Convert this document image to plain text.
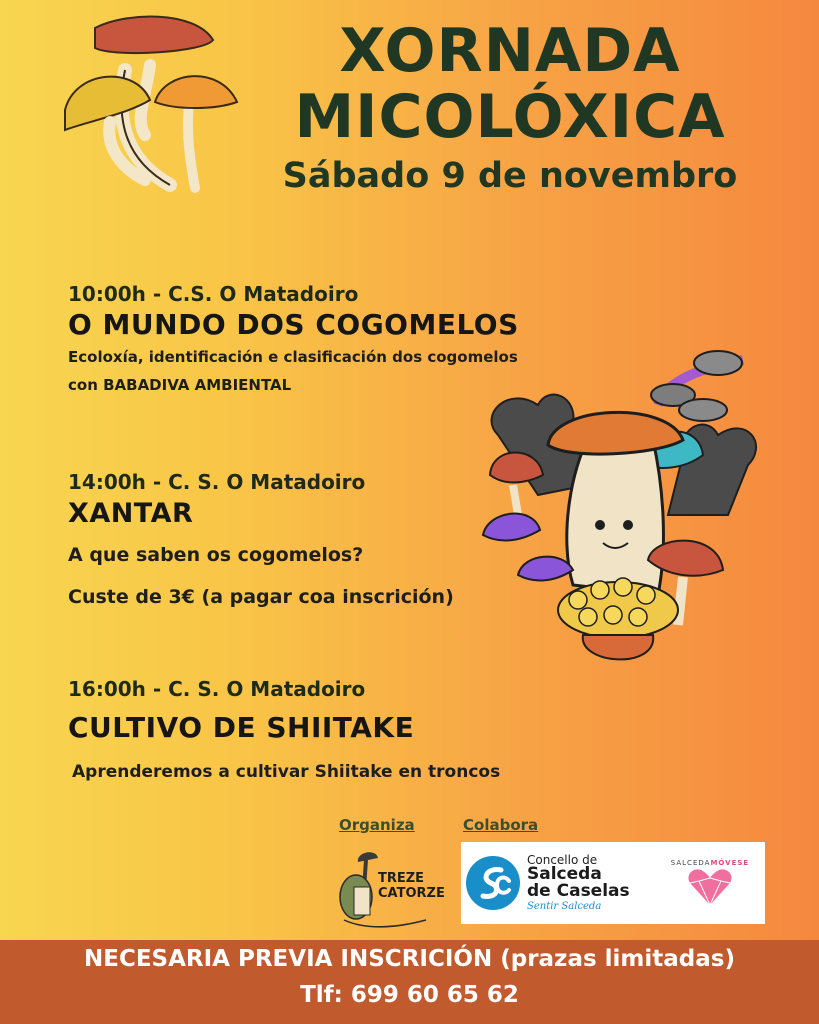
XORNADA
MICOLÓXICA
Sábado 9 de novembro
10:00h - C.S. O Matadoiro
O MUNDO DOS COGOMELOS
Ecoloxía, identificación e clasificación dos cogomelos
con BABADIVA AMBIENTAL
14:00h - C. S. O Matadoiro
XANTAR
A que saben os cogomelos?
Custe de 3€ (a pagar coa inscrición)
16:00h - C. S. O Matadoiro
CULTIVO DE SHIITAKE
Aprenderemos a cultivar Shiitake en troncos
Organiza	Colabora
TREZE
CATORZE
Concello de
Salceda
de Caselas
Sentir Salceda
SALCEDAMÓVESE
NECESARIA PREVIA INSCRICIÓN (prazas limitadas)
Tlf: 699 60 65 62
